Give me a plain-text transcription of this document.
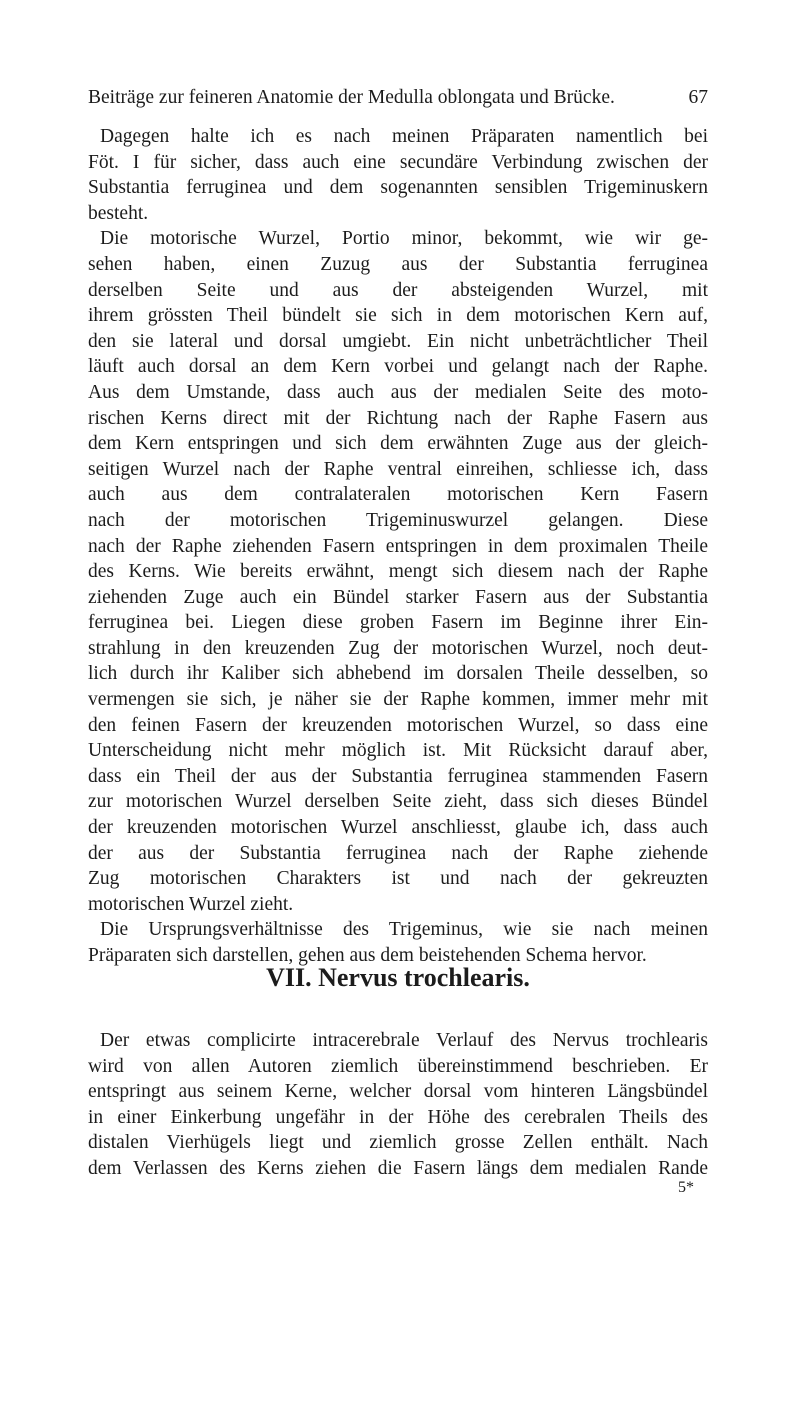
Beiträge zur feineren Anatomie der Medulla oblongata und Brücke.	67
Dagegen halte ich es nach meinen Präparaten namentlich bei
Föt. I für sicher, dass auch eine secundäre Verbindung zwischen der
Substantia ferruginea und dem sogenannten sensiblen Trigeminuskern
besteht.
Die motorische Wurzel, Portio minor, bekommt, wie wir ge-
sehen haben, einen Zuzug aus der Substantia ferruginea
derselben Seite und aus der absteigenden Wurzel, mit
ihrem grössten Theil bündelt sie sich in dem motorischen Kern auf,
den sie lateral und dorsal umgiebt. Ein nicht unbeträchtlicher Theil
läuft auch dorsal an dem Kern vorbei und gelangt nach der Raphe.
Aus dem Umstande, dass auch aus der medialen Seite des moto-
rischen Kerns direct mit der Richtung nach der Raphe Fasern aus
dem Kern entspringen und sich dem erwähnten Zuge aus der gleich-
seitigen Wurzel nach der Raphe ventral einreihen, schliesse ich, dass
auch aus dem contralateralen motorischen Kern Fasern
nach der motorischen Trigeminuswurzel gelangen. Diese
nach der Raphe ziehenden Fasern entspringen in dem proximalen Theile
des Kerns. Wie bereits erwähnt, mengt sich diesem nach der Raphe
ziehenden Zuge auch ein Bündel starker Fasern aus der Substantia
ferruginea bei. Liegen diese groben Fasern im Beginne ihrer Ein-
strahlung in den kreuzenden Zug der motorischen Wurzel, noch deut-
lich durch ihr Kaliber sich abhebend im dorsalen Theile desselben, so
vermengen sie sich, je näher sie der Raphe kommen, immer mehr mit
den feinen Fasern der kreuzenden motorischen Wurzel, so dass eine
Unterscheidung nicht mehr möglich ist. Mit Rücksicht darauf aber,
dass ein Theil der aus der Substantia ferruginea stammenden Fasern
zur motorischen Wurzel derselben Seite zieht, dass sich dieses Bündel
der kreuzenden motorischen Wurzel anschliesst, glaube ich, dass auch
der aus der Substantia ferruginea nach der Raphe ziehende
Zug motorischen Charakters ist und nach der gekreuzten
motorischen Wurzel zieht.
Die Ursprungsverhältnisse des Trigeminus, wie sie nach meinen
Präparaten sich darstellen, gehen aus dem beistehenden Schema hervor.
VII. Nervus trochlearis.
Der etwas complicirte intracerebrale Verlauf des Nervus trochlearis
wird von allen Autoren ziemlich übereinstimmend beschrieben. Er
entspringt aus seinem Kerne, welcher dorsal vom hinteren Längsbündel
in einer Einkerbung ungefähr in der Höhe des cerebralen Theils des
distalen Vierhügels liegt und ziemlich grosse Zellen enthält. Nach
dem Verlassen des Kerns ziehen die Fasern längs dem medialen Rande
5*
